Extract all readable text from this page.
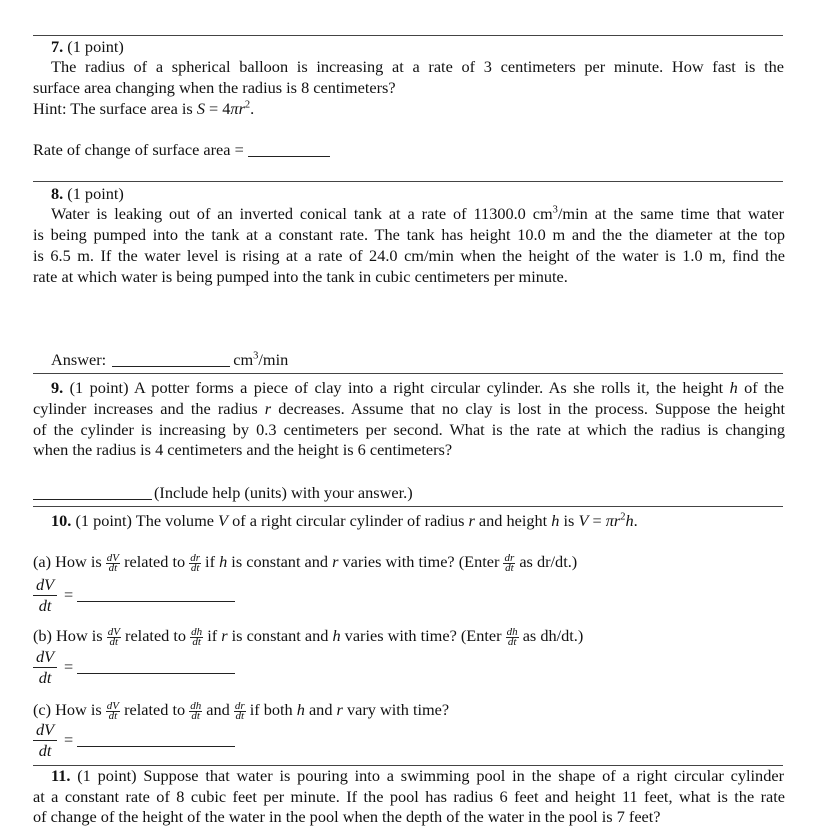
7. (1 point)
The radius of a spherical balloon is increasing at a rate of 3 centimeters per minute. How fast is the
surface area changing when the radius is 8 centimeters?
Hint: The surface area is $S = 4\pi r^2$.
Rate of change of surface area =
8. (1 point)
Water is leaking out of an inverted conical tank at a rate of 11300.0 $cm^3/\min$ at the same time that water
is being pumped into the tank at a constant rate. The tank has height 10.0 m and the the diameter at the top
is 6.5 m. If the water level is rising at a rate of 24.0 cm/min when the height of the water is 1.0 m, find the
rate at which water is being pumped into the tank in cubic centimeters per minute.
Answer:	$cm^3/\min$
9. (1 point) A potter forms a piece of clay into a right circular cylinder. As she rolls it, the height h of the
cylinder increases and the radius r decreases. Assume that no clay is lost in the process. Suppose the height
of the cylinder is increasing by 0.3 centimeters per second. What is the rate at which the radius is changing
when the radius is 4 centimeters and the height is 6 centimeters?
(Include help (units) with your answer.)
10. (1 point) The volume V of a right circular cylinder of radius r and height h is $V = \pi r^2h$.
(a) How is $\frac{dV}{dt}$ related to $\frac{dr}{dt}$ if h is constant and r varies with time? (Enter $\frac{dr}{dt}$ as dr/dt.)
$\frac{dV}{dt}$ =
(b) How is $\frac{dV}{dt}$ related to $\frac{dh}{dt}$ if r is constant and h varies with time? (Enter $\frac{dh}{dt}$ as dh/dt.)
$\frac{dV}{dt}$ =
(c) How is $\frac{dV}{dt}$ related to $\frac{dh}{dt}$ and $\frac{dr}{dt}$ if both h and r vary with time?
$\frac{dV}{dt}$ =
11. (1 point) Suppose that water is pouring into a swimming pool in the shape of a right circular cylinder
at a constant rate of 8 cubic feet per minute. If the pool has radius 6 feet and height 11 feet, what is the rate
of change of the height of the water in the pool when the depth of the water in the pool is 7 feet?
